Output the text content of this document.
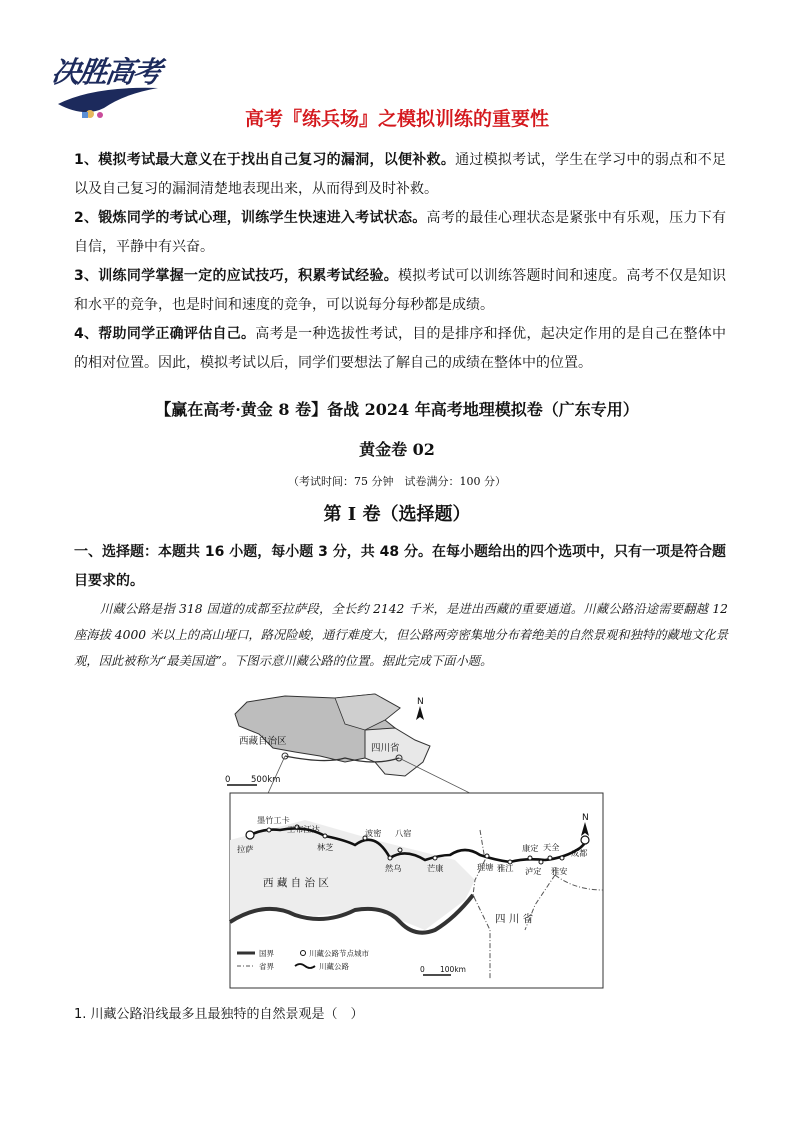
决胜高考
高考『练兵场』之模拟训练的重要性

1、模拟考试最大意义在于找出自己复习的漏洞，以便补救。通过模拟考试，学生在学习中的弱点和不足以及自己复习的漏洞清楚地表现出来，从而得到及时补救。

2、锻炼同学的考试心理，训练学生快速进入考试状态。高考的最佳心理状态是紧张中有乐观，压力下有自信，平静中有兴奋。

3、训练同学掌握一定的应试技巧，积累考试经验。模拟考试可以训练答题时间和速度。高考不仅是知识和水平的竞争，也是时间和速度的竞争，可以说每分每秒都是成绩。

4、帮助同学正确评估自己。高考是一种选拔性考试，目的是排序和择优，起决定作用的是自己在整体中的相对位置。因此，模拟考试以后，同学们要想法了解自己的成绩在整体中的位置。

【赢在高考·黄金 8 卷】备战 2024 年高考地理模拟卷（广东专用）
黄金卷 02
（考试时间：75 分钟　试卷满分：100 分）
第 I 卷（选择题）
一、选择题：本题共 16 小题，每小题 3 分，共 48 分。在每小题给出的四个选项中，只有一项是符合题目要求的。
川藏公路是指 318 国道的成都至拉萨段，全长约 2142 千米，是进出西藏的重要通道。川藏公路沿途需要翻越 12 座海拔 4000 米以上的高山垭口，路况险峻，通行难度大，但公路两旁密集地分布着绝美的自然景观和独特的藏地文化景观，因此被称为“最美国道”。下图示意川藏公路的位置。据此完成下面小题。
西藏自治区
四川省
N
0 500km
拉萨
墨竹工卡
工布江达
林芝
波密 八宿
然乌	芒康	理塘 雅江
康定 天全
泸定 雅安
成都
西 藏 自 治 区
四 川 省
N
国界
省界
川藏公路节点城市
川藏公路	0 100km
1. 川藏公路沿线最多且最独特的自然景观是（　）
